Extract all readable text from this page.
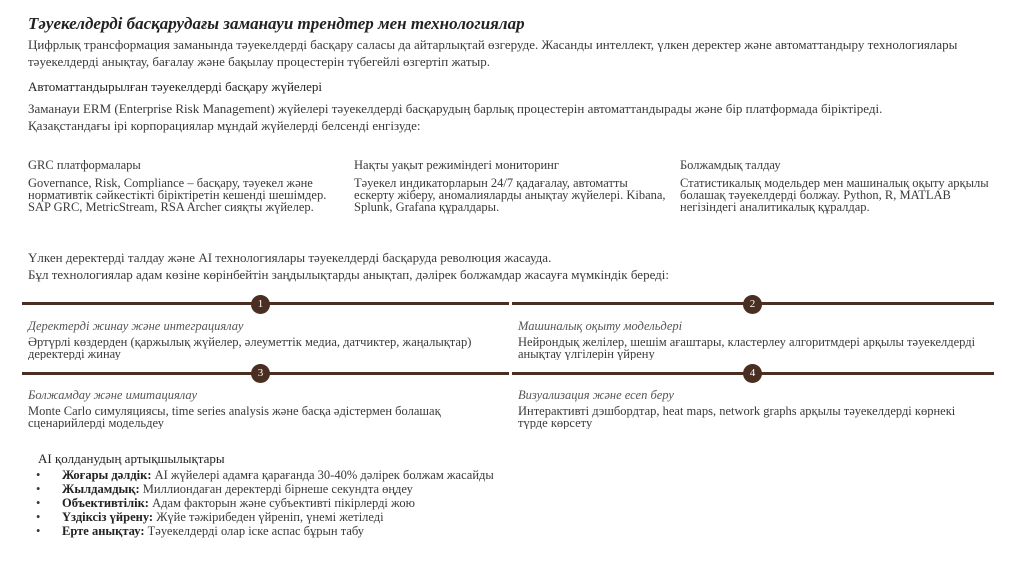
Тәуекелдерді басқарудағы заманауи трендтер мен технологиялар
Цифрлық трансформация заманында тәуекелдерді басқару саласы да айтарлықтай өзгеруде. Жасанды интеллект, үлкен деректер және автоматтандыру технологиялары тәуекелдерді анықтау, бағалау және бақылау процестерін түбегейлі өзгертіп жатыр.
Автоматтандырылған тәуекелдерді басқару жүйелері
Заманауи ERM (Enterprise Risk Management) жүйелері тәуекелдерді басқарудың барлық процестерін автоматтандырады және бір платформада біріктіреді.
Қазақстандағы ірі корпорациялар мұндай жүйелерді белсенді енгізуде:
GRC платформалары
Governance, Risk, Compliance – басқару, тәуекел және нормативтік сәйкестікті біріктіретін кешенді шешімдер. SAP GRC, MetricStream, RSA Archer сияқты жүйелер.
Нақты уақыт режиміндегі мониторинг
Тәуекел индикаторларын 24/7 қадағалау, автоматты ескерту жіберу, аномалияларды анықтау жүйелері. Kibana, Splunk, Grafana құралдары.
Болжамдық талдау
Статистикалық модельдер мен машиналық оқыту арқылы болашақ тәуекелдерді болжау. Python, R, MATLAB негізіндегі аналитикалық құралдар.
Үлкен деректерді талдау және AI технологиялары тәуекелдерді басқаруда революция жасауда.
Бұл технологиялар адам көзіне көрінбейтін заңдылықтарды анықтап, дәлірек болжамдар жасауға мүмкіндік береді:
1
Деректерді жинау және интеграциялау
Әртүрлі көздерден (қаржылық жүйелер, әлеуметтік медиа, датчиктер, жаңалықтар) деректерді жинау
2
Машиналық оқыту модельдері
Нейрондық желілер, шешім ағаштары, кластерлеу алгоритмдері арқылы тәуекелдерді анықтау үлгілерін үйрену
3
Болжамдау және имитациялау
Monte Carlo симуляциясы, time series analysis және басқа әдістермен болашақ сценарийлерді модельдеу
4
Визуализация және есеп беру
Интерактивті дэшбордтар, heat maps, network graphs арқылы тәуекелдерді көрнекі түрде көрсету
AI қолданудың артықшылықтары
• Жоғары дәлдік: AI жүйелері адамға қарағанда 30-40% дәлірек болжам жасайды
• Жылдамдық: Миллиондаған деректерді бірнеше секундта өңдеу
• Объективтілік: Адам факторын және субъективті пікірлерді жою
• Үздіксіз үйрену: Жүйе тәжірибеден үйреніп, үнемі жетіледі
• Ерте анықтау: Тәуекелдерді олар іске аспас бұрын табу
